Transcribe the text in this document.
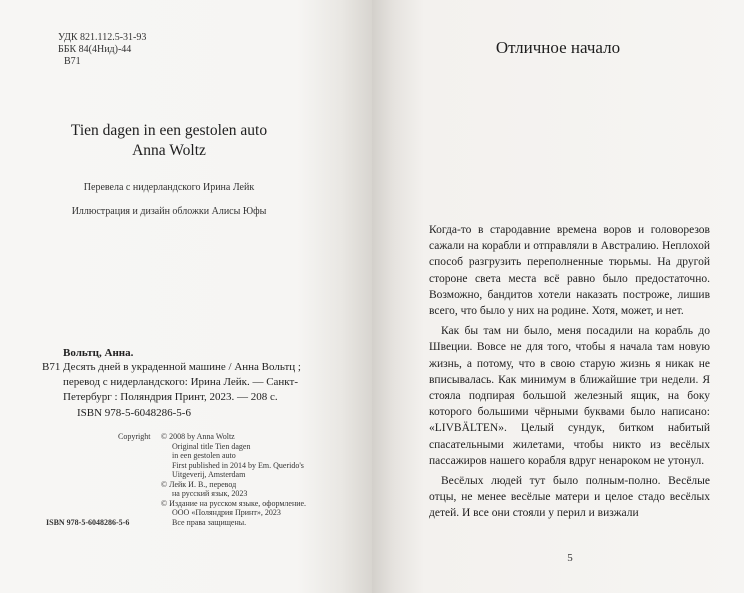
УДК 821.112.5-31-93
ББК 84(4Нид)-44
В71
Tien dagen in een gestolen auto
Anna Woltz
Перевела с нидерландского Ирина Лейк
Иллюстрация и дизайн обложки Алисы Юфы
Вольтц, Анна.
В71 Десять дней в украденной машине / Анна Вольтц ;
перевод с нидерландского: Ирина Лейк. — Санкт-
Петербург : Поляндрия Принт, 2023. — 208 с.
ISBN 978-5-6048286-5-6
Copyright © 2008 by Anna Woltz
Original title Tien dagen
in een gestolen auto
First published in 2014 by Em. Querido's
Uitgeverij, Amsterdam
© Лейк И. В., перевод
на русский язык, 2023
© Издание на русском языке, оформление.
ООО «Поляндрия Принт», 2023
Все права защищены.
ISBN 978-5-6048286-5-6
Отличное начало

Когда-то в стародавние времена воров и головорезов сажали на корабли и отправляли в Австралию. Неплохой способ разгрузить переполненные тюрьмы. На другой стороне света места всё равно было предостаточно. Возможно, бандитов хотели наказать построже, лишив всего, что было у них на родине. Хотя, может, и нет.

Как бы там ни было, меня посадили на корабль до Швеции. Вовсе не для того, чтобы я начала там новую жизнь, а потому, что в свою старую жизнь я никак не вписывалась. Как минимум в ближайшие три недели. Я стояла подпирая большой железный ящик, на боку которого большими чёрными буквами было написано: «LIVBÄLTEN». Целый сундук, битком набитый спасательными жилетами, чтобы никто из весёлых пассажиров нашего корабля вдруг ненароком не утонул.

Весёлых людей тут было полным-полно. Весёлые отцы, не менее весёлые матери и целое стадо весёлых детей. И все они стояли у перил и визжали

5
